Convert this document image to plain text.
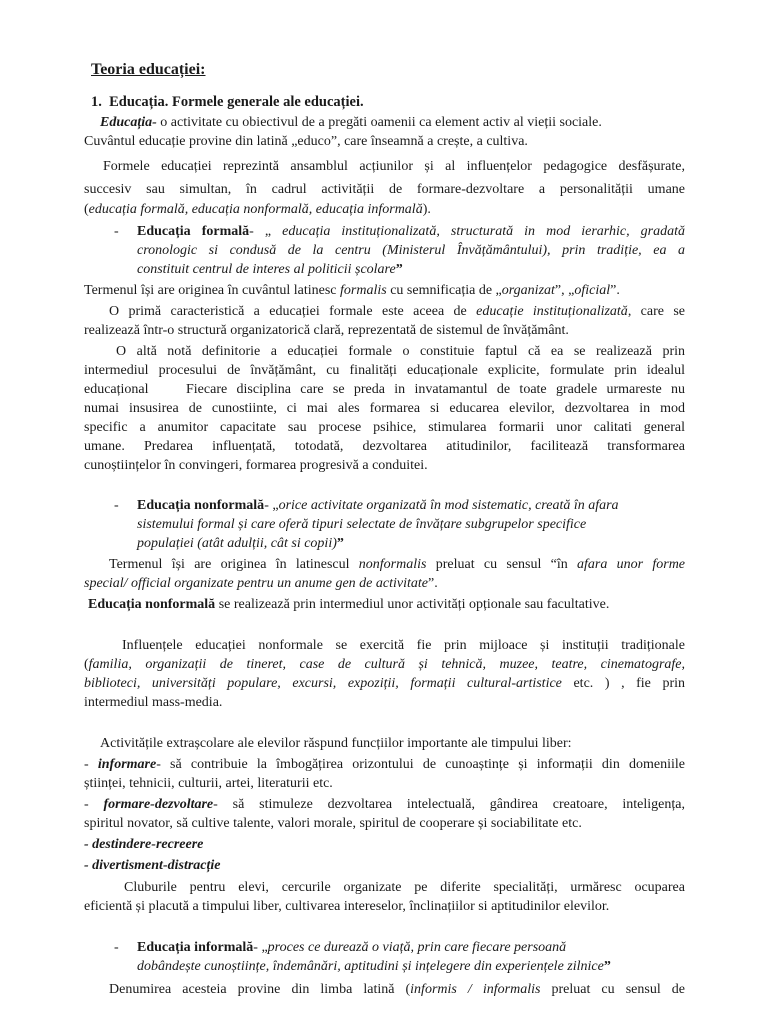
Teoria educației:

1. Educația. Formele generale ale educației.

Educația- o activitate cu obiectivul de a pregăti oamenii ca element activ al vieții sociale.

Cuvântul educație provine din latină „educo”, care înseamnă a crește, a cultiva.

Formele educației reprezintă ansamblul acțiunilor și al influențelor pedagogice desfășurate,

succesiv sau simultan, în cadrul activității de formare-dezvoltare a personalității umane

(educația formală, educația nonformală, educația informală).

- Educația formală- „ educația instituționalizată, structurată in mod ierarhic, gradată

cronologic si condusă de la centru (Ministerul Învățământului), prin tradiție, ea a

constituit centrul de interes al politicii școlare”

Termenul își are originea în cuvântul latinesc formalis cu semnificația de „organizat”, „oficial”.

O primă caracteristică a educației formale este aceea de educație instituționalizată, care se

realizează într-o structură organizatorică clară, reprezentată de sistemul de învățământ.

O altă notă definitorie a educației formale o constituie faptul că ea se realizează prin

intermediul procesului de învățământ, cu finalități educaționale explicite, formulate prin idealul

educațional	Fiecare disciplina care se preda in invatamantul de toate gradele urmareste nu

numai insusirea de cunostiinte, ci mai ales formarea si educarea elevilor, dezvoltarea in mod

specific a anumitor capacitate sau procese psihice, stimularea formarii unor calitati general

umane. Predarea influențată, totodată, dezvoltarea atitudinilor, facilitează transformarea

cunoștiințelor în convingeri, formarea progresivă a conduitei.

- Educația nonformală- „orice activitate organizată în mod sistematic, creată în afara

sistemului formal și care oferă tipuri selectate de învățare subgrupelor specifice

populației (atât adulții, cât si copii)”

Termenul își are originea în latinescul nonformalis preluat cu sensul “în afara unor forme

special/ official organizate pentru un anume gen de activitate”.

Educația nonformală se realizează prin intermediul unor activități opționale sau facultative.

Influențele educației nonformale se exercită fie prin mijloace și instituții tradiționale

(familia, organizații de tineret, case de cultură și tehnică, muzee, teatre, cinematografe,

biblioteci, universități populare, excursi, expoziții, formații cultural-artistice etc. ) , fie prin

intermediul mass-media.

Activitățile extrașcolare ale elevilor răspund funcțiilor importante ale timpului liber:

- informare- să contribuie la îmbogățirea orizontului de cunoaștințe și informații din domeniile

științei, tehnicii, culturii, artei, literaturii etc.

- formare-dezvoltare- să stimuleze dezvoltarea intelectuală, gândirea creatoare, inteligența,

spiritul novator, să cultive talente, valori morale, spiritul de cooperare și sociabilitate etc.

- destindere-recreere

- divertisment-distracție

Cluburile pentru elevi, cercurile organizate pe diferite specialități, urmăresc ocuparea

eficientă și placută a timpului liber, cultivarea intereselor, înclinațiilor si aptitudinilor elevilor.

- Educația informală- „proces ce durează o viață, prin care fiecare persoană

dobândește cunoștiințe, îndemânări, aptitudini și ințelegere din experiențele zilnice”

Denumirea acesteia provine din limba latină (informis / informalis preluat cu sensul de
